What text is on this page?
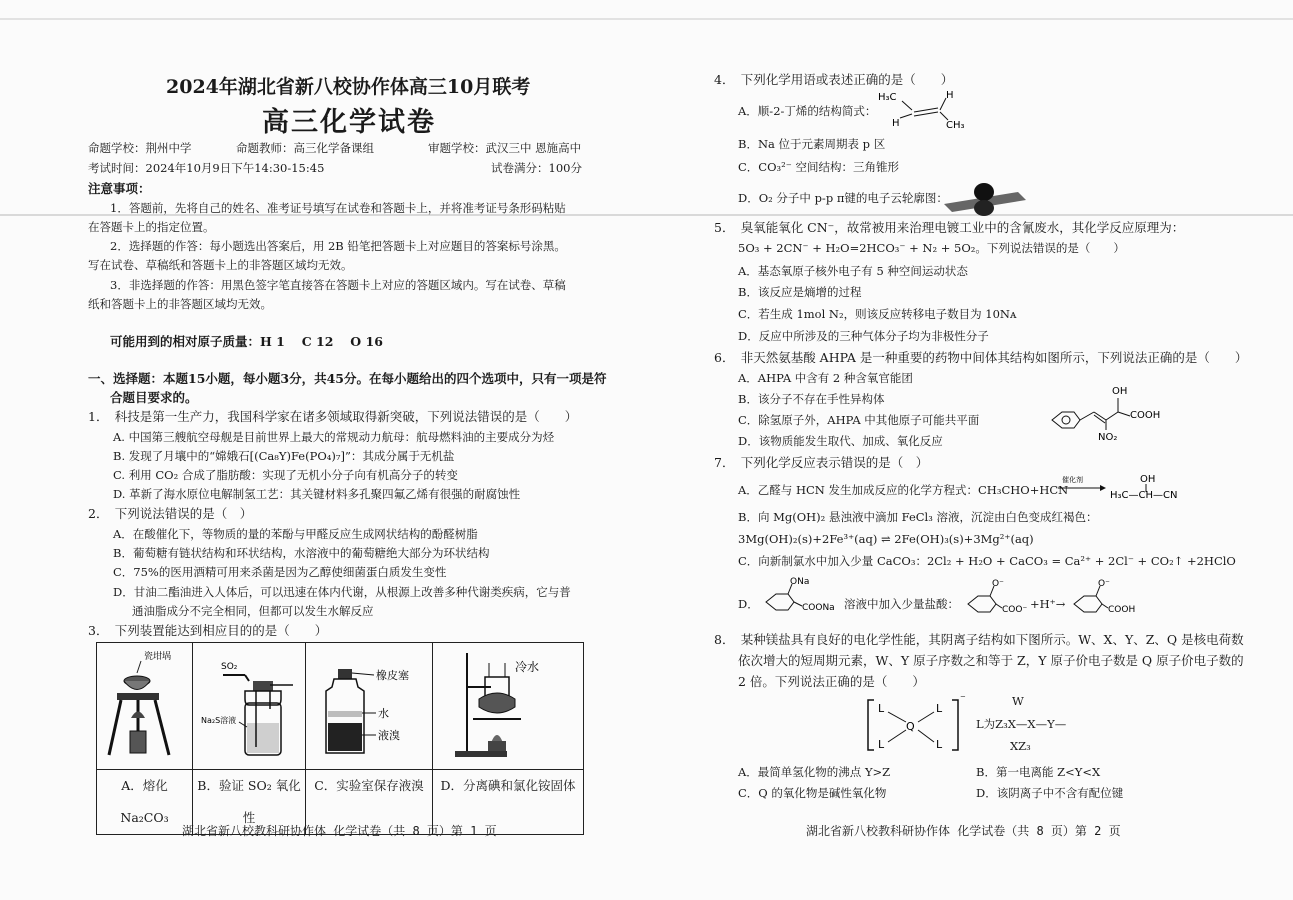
2024年湖北省新八校协作体高三10月联考
高三化学试卷
命题学校：荆州中学	命题教师：高三化学备课组	审题学校：武汉三中 恩施高中
考试时间：2024年10月9日下午14:30-15:45	试卷满分：100分
注意事项：
1．答题前，先将自己的姓名、准考证号填写在试卷和答题卡上，并将准考证号条形码粘贴
在答题卡上的指定位置。
2．选择题的作答：每小题选出答案后，用 2B 铅笔把答题卡上对应题目的答案标号涂黑。
写在试卷、草稿纸和答题卡上的非答题区域均无效。
3．非选择题的作答：用黑色签字笔直接答在答题卡上对应的答题区域内。写在试卷、草稿
纸和答题卡上的非答题区域均无效。
可能用到的相对原子质量：H 1　 C 12　 O 16
一、选择题：本题15小题，每小题3分，共45分。在每小题给出的四个选项中，只有一项是符
合题目要求的。
1．　科技是第一生产力，我国科学家在诸多领域取得新突破，下列说法错误的是（　　）
A. 中国第三艘航空母舰是目前世界上最大的常规动力航母：航母燃料油的主要成分为烃
B. 发现了月壤中的“嫦娥石[(Ca₈Y)Fe(PO₄)₇]”：其成分属于无机盐
C. 利用 CO₂ 合成了脂肪酸：实现了无机小分子向有机高分子的转变
D. 革新了海水原位电解制氢工艺：其关键材料多孔聚四氟乙烯有很强的耐腐蚀性
2．　下列说法错误的是（　）
A．在酸催化下，等物质的量的苯酚与甲醛反应生成网状结构的酚醛树脂
B．葡萄糖有链状结构和环状结构，水溶液中的葡萄糖绝大部分为环状结构
C．75%的医用酒精可用来杀菌是因为乙醇使细菌蛋白质发生变性
D．甘油二酯油进入人体后，可以迅速在体内代谢，从根源上改善多种代谢类疾病，它与普
通油脂成分不完全相同，但都可以发生水解反应
3．　下列装置能达到相应目的的是（　　）
瓷坩埚	SO₂
Na₂S溶液	橡皮塞
水
液溴	冷水

A．熔化 Na₂CO₃	B．验证 SO₂ 氧化性	C．实验室保存液溴	D．分离碘和氯化铵固体
湖北省新八校教科研协作体 化学试卷（共 8 页）第 1 页
4．　下列化学用语或表述正确的是（　　）
A．顺-2-丁烯的结构简式：
H₃C	H
H	CH₃
B．Na 位于元素周期表 p 区
C．CO₃²⁻ 空间结构：三角锥形
D．O₂ 分子中 p-p π键的电子云轮廓图：
5．　臭氧能氧化 CN⁻，故常被用来治理电镀工业中的含氰废水，其化学反应原理为：
5O₃ + 2CN⁻ + H₂O=2HCO₃⁻ + N₂ + 5O₂。下列说法错误的是（　　）
A．基态氧原子核外电子有 5 种空间运动状态
B．该反应是熵增的过程
C．若生成 1mol N₂，则该反应转移电子数目为 10Nᴀ
D．反应中所涉及的三种气体分子均为非极性分子
6．　非天然氨基酸 AHPA 是一种重要的药物中间体其结构如图所示，下列说法正确的是（　　）
A．AHPA 中含有 2 种含氧官能团
B．该分子不存在手性异构体
C．除氢原子外，AHPA 中其他原子可能共平面
D．该物质能发生取代、加成、氧化反应
OH
COOH
NO₂
7．　下列化学反应表示错误的是（　）
A．乙醛与 HCN 发生加成反应的化学方程式：CH₃CHO+HCN
催化剂	OH
H₃C—CH—CN
B．向 Mg(OH)₂ 悬浊液中滴加 FeCl₃ 溶液，沉淀由白色变成红褐色：
3Mg(OH)₂(s)+2Fe³⁺(aq) ⇌ 2Fe(OH)₃(s)+3Mg²⁺(aq)
C．向新制氯水中加入少量 CaCO₃：2Cl₂ + H₂O + CaCO₃ = Ca²⁺ + 2Cl⁻ + CO₂↑ +2HClO
D．
ONa
COONa 溶液中加入少量盐酸：
O⁻
COO⁻ +H⁺→
O⁻
COOH
8．　某种镁盐具有良好的电化学性能，其阴离子结构如下图所示。W、X、Y、Z、Q 是核电荷数
依次增大的短周期元素，W、Y 原子序数之和等于 Z，Y 原子价电子数是 Q 原子价电子数的
2 倍。下列说法正确的是（　　）
⁻
L	L
L	L
Q	L为Z₃X—X—Y—
W
XZ₃
A．最简单氢化物的沸点 Y>Z	B．第一电离能 Z<Y<X
C．Q 的氧化物是碱性氧化物	D．该阴离子中不含有配位键
湖北省新八校教科研协作体 化学试卷（共 8 页）第 2 页
